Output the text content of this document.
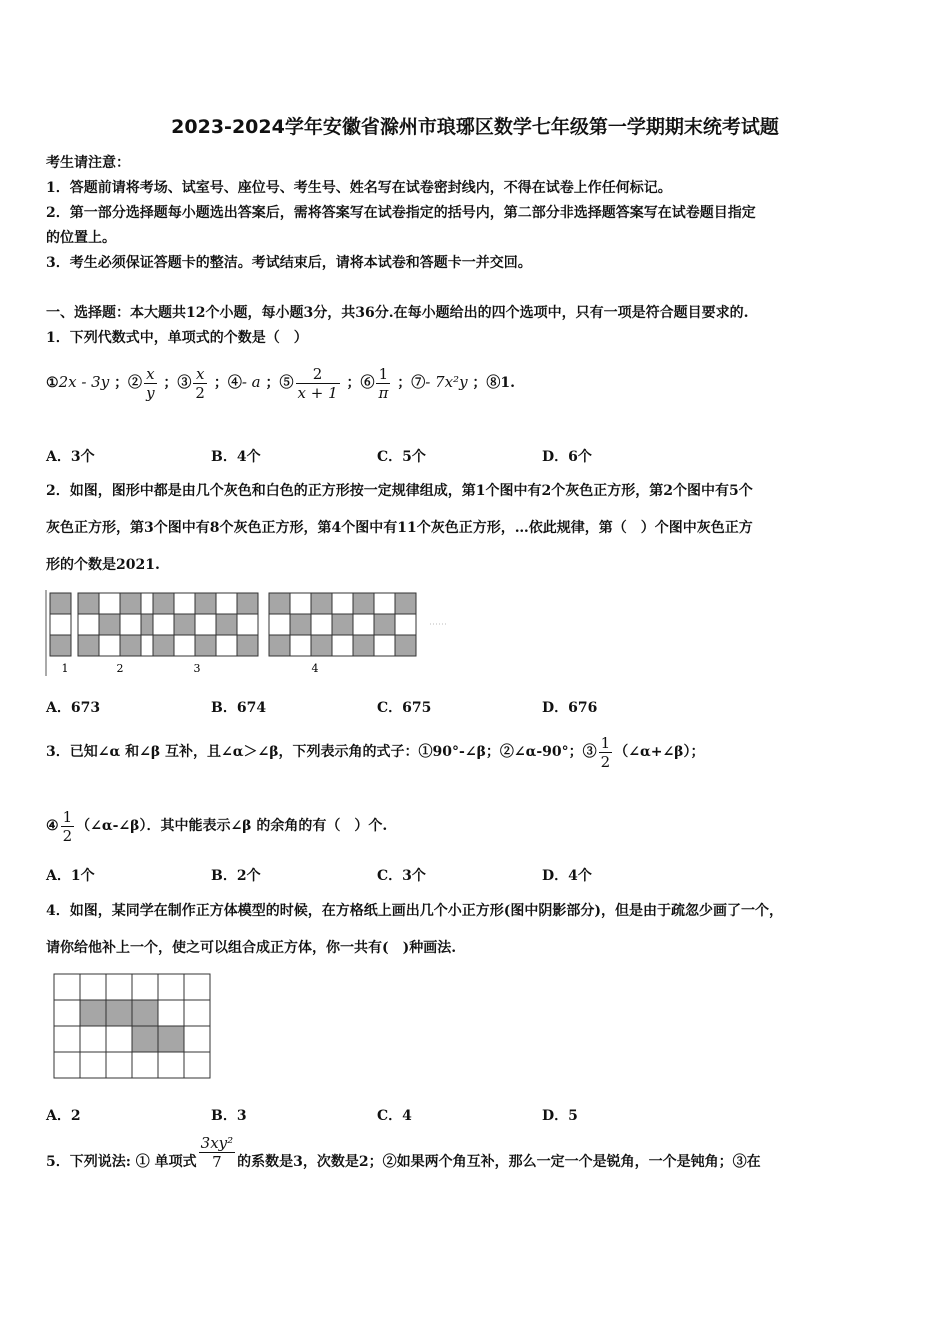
2023-2024学年安徽省滁州市琅琊区数学七年级第一学期期末统考试题
考生请注意：
1．答题前请将考场、试室号、座位号、考生号、姓名写在试卷密封线内，不得在试卷上作任何标记。
2．第一部分选择题每小题选出答案后，需将答案写在试卷指定的括号内，第二部分非选择题答案写在试卷题目指定
的位置上。
3．考生必须保证答题卡的整洁。考试结束后，请将本试卷和答题卡一并交回。
一、选择题：本大题共12个小题，每小题3分，共36分.在每小题给出的四个选项中，只有一项是符合题目要求的.
1．下列代数式中，单项式的个数是（　）
①2x - 3y ；② $\frac{x}{y}$ ；③ $\frac{x}{2}$ ；④- a ；⑤ $\frac{2}{x + 1}$ ；⑥ $\frac{1}{\pi}$ ；⑦- 7x²y ；⑧1.
A．3个	B．4个	C．5个	D．6个
2．如图，图形中都是由几个灰色和白色的正方形按一定规律组成，第1个图中有2个灰色正方形，第2个图中有5个
灰色正方形，第3个图中有8个灰色正方形，第4个图中有11个灰色正方形，…依此规律，第（　）个图中灰色正方
形的个数是2021.
1	2	3	4
A．673	B．674	C．675	D．676
3．已知∠α 和∠β 互补，且∠α＞∠β，下列表示角的式子：①90°-∠β；②∠α-90°；③ $\frac{1}{2}$ （∠α+∠β）；
④ $\frac{1}{2}$ （∠α-∠β）．其中能表示∠β 的余角的有（　）个.
A．1个	B．2个	C．3个	D．4个
4．如图，某同学在制作正方体模型的时候，在方格纸上画出几个小正方形(图中阴影部分)，但是由于疏忽少画了一个，
请你给他补上一个，使之可以组合成正方体，你一共有(　)种画法.
A．2	B．3	C．4	D．5
5．下列说法: ① 单项式 $\frac{\text{3xy²}}{7}$ 的系数是3，次数是2；②如果两个角互补，那么一定一个是锐角，一个是钝角；③在
